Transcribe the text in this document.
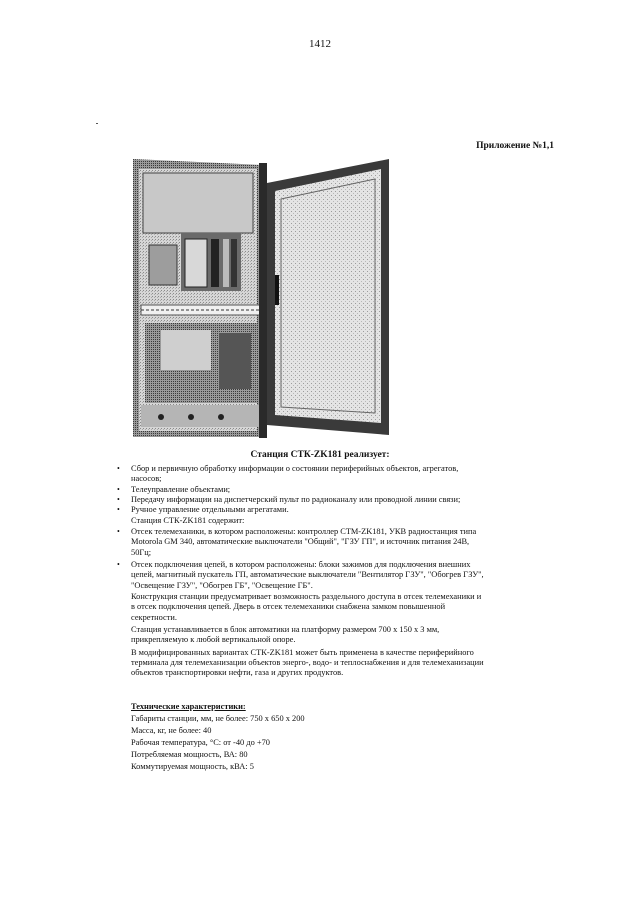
1412
Приложение №1,1
Станция СТК-ZK181 реализует:
• Сбор и первичную обработку информации о состоянии периферийных объектов, агрегатов,
насосов;
• Телеуправление объектами;
• Передачу информации на диспетчерский пульт по радиоканалу или проводной линии связи;
• Ручное управление отдельными агрегатами.
Станция СТК-ZK181 содержит:
• Отсек телемеханики, в котором расположены: контроллер СТМ-ZK181, УКВ радиостанция типа
Motorola GM 340, автоматические выключатели "Общий", "ГЗУ ГП", и источник питания 24В,
50Гц;
• Отсек подключения цепей, в котором расположены: блоки зажимов для подключения внешних
цепей, магнитный пускатель ГП, автоматические выключатели "Вентилятор ГЗУ", "Обогрев ГЗУ",
"Освещение ГЗУ", "Обогрев ГБ", "Освещение ГБ".
Конструкция станции предусматривает возможность раздельного доступа в отсек телемеханики и
в отсек подключения цепей. Дверь в отсек телемеханики снабжена замком повышенной
секретности.
Станция устанавливается в блок автоматики на платформу размером 700 х 150 х 3 мм,
прикрепляемую к любой вертикальной опоре.
В модифицированных вариантах СТК-ZK181 может быть применена в качестве периферийного
терминала для телемеханизации объектов энерго-, водо- и теплоснабжения и для телемеханизации
объектов транспортировки нефти, газа и других продуктов.
Технические характеристики:
Габариты станции, мм, не более: 750 х 650 х 200
Масса, кг, не более: 40
Рабочая температура, °С: от -40 до +70
Потребляемая мощность, ВА: 80
Коммутируемая мощность, кВА: 5
